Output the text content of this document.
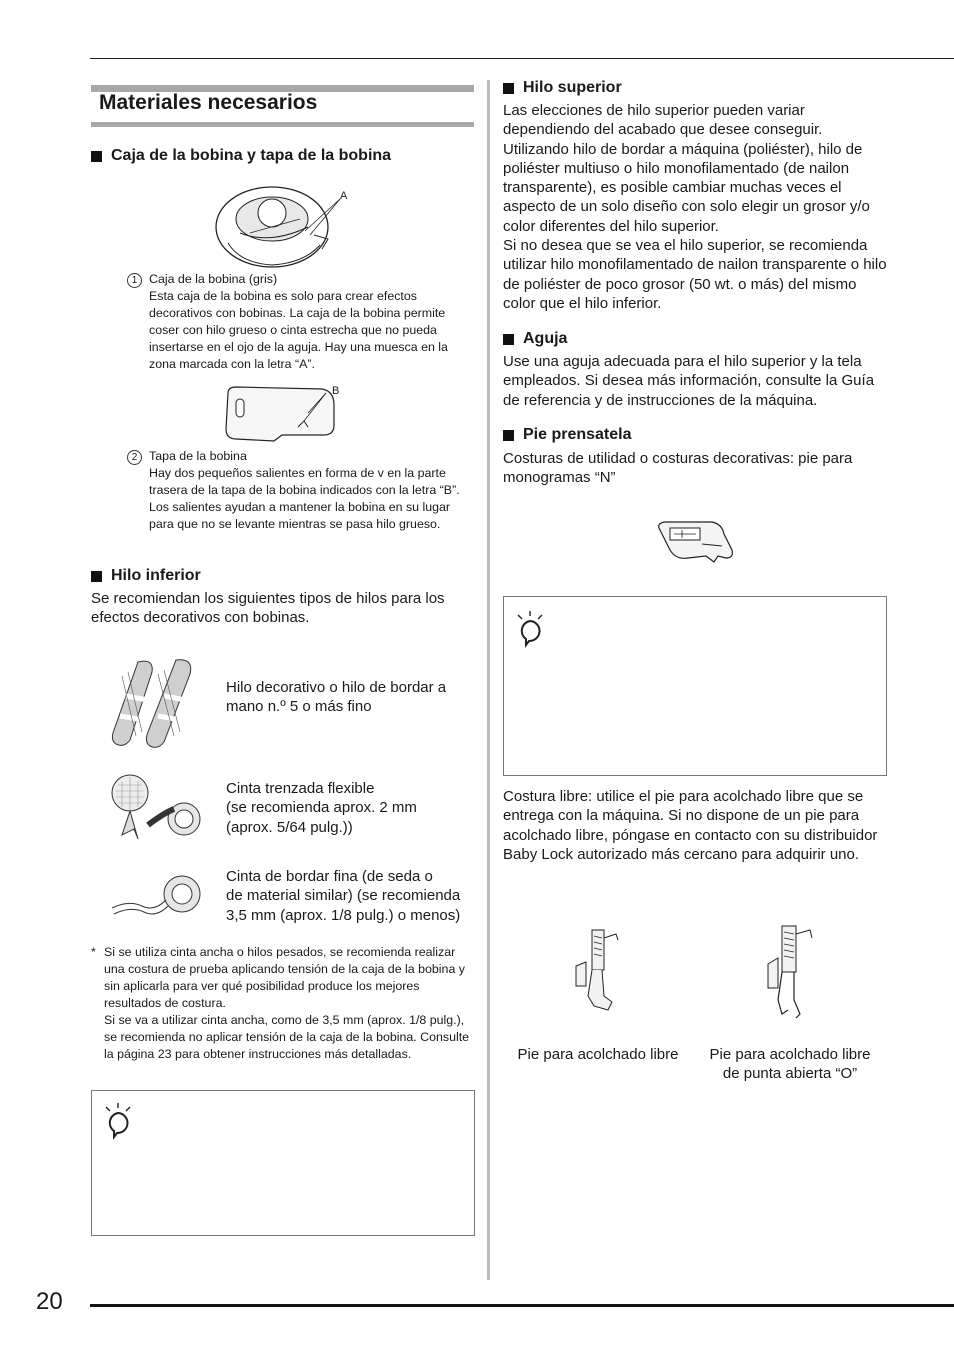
Materiales necesarios
Caja de la bobina y tapa de la bobina
A
1 Caja de la bobina (gris)
Esta caja de la bobina es solo para crear efectos decorativos con bobinas. La caja de la bobina permite coser con hilo grueso o cinta estrecha que no pueda insertarse en el ojo de la aguja. Hay una muesca en la zona marcada con la letra “A”.
B
2 Tapa de la bobina
Hay dos pequeños salientes en forma de v en la parte trasera de la tapa de la bobina indicados con la letra “B”.
Los salientes ayudan a mantener la bobina en su lugar para que no se levante mientras se pasa hilo grueso.
Hilo inferior
Se recomiendan los siguientes tipos de hilos para los efectos decorativos con bobinas.
Hilo decorativo o hilo de bordar a mano n.º 5 o más fino
Cinta trenzada flexible
(se recomienda aprox. 2 mm
(aprox. 5/64 pulg.))
Cinta de bordar fina (de seda o
de material similar) (se recomienda
3,5 mm (aprox. 1/8 pulg.) o menos)
* Si se utiliza cinta ancha o hilos pesados, se recomienda realizar una costura de prueba aplicando tensión de la caja de la bobina y sin aplicarla para ver qué posibilidad produce los mejores resultados de costura.
Si se va a utilizar cinta ancha, como de 3,5 mm (aprox. 1/8 pulg.), se recomienda no aplicar tensión de la caja de la bobina. Consulte la página 23 para obtener instrucciones más detalladas.
Hilo superior
Las elecciones de hilo superior pueden variar dependiendo del acabado que desee conseguir. Utilizando hilo de bordar a máquina (poliéster), hilo de poliéster multiuso o hilo monofilamentado (de nailon transparente), es posible cambiar muchas veces el aspecto de un solo diseño con solo elegir un grosor y/o color diferentes del hilo superior.
Si no desea que se vea el hilo superior, se recomienda utilizar hilo monofilamentado de nailon transparente o hilo de poliéster de poco grosor (50 wt. o más) del mismo color que el hilo inferior.
Aguja
Use una aguja adecuada para el hilo superior y la tela empleados. Si desea más información, consulte la Guía de referencia y de instrucciones de la máquina.
Pie prensatela
Costuras de utilidad o costuras decorativas: pie para monogramas “N”
Costura libre: utilice el pie para acolchado libre que se entrega con la máquina. Si no dispone de un pie para acolchado libre, póngase en contacto con su distribuidor Baby Lock autorizado más cercano para adquirir uno.
Pie para acolchado libre	Pie para acolchado libre
de punta abierta “O”
20
